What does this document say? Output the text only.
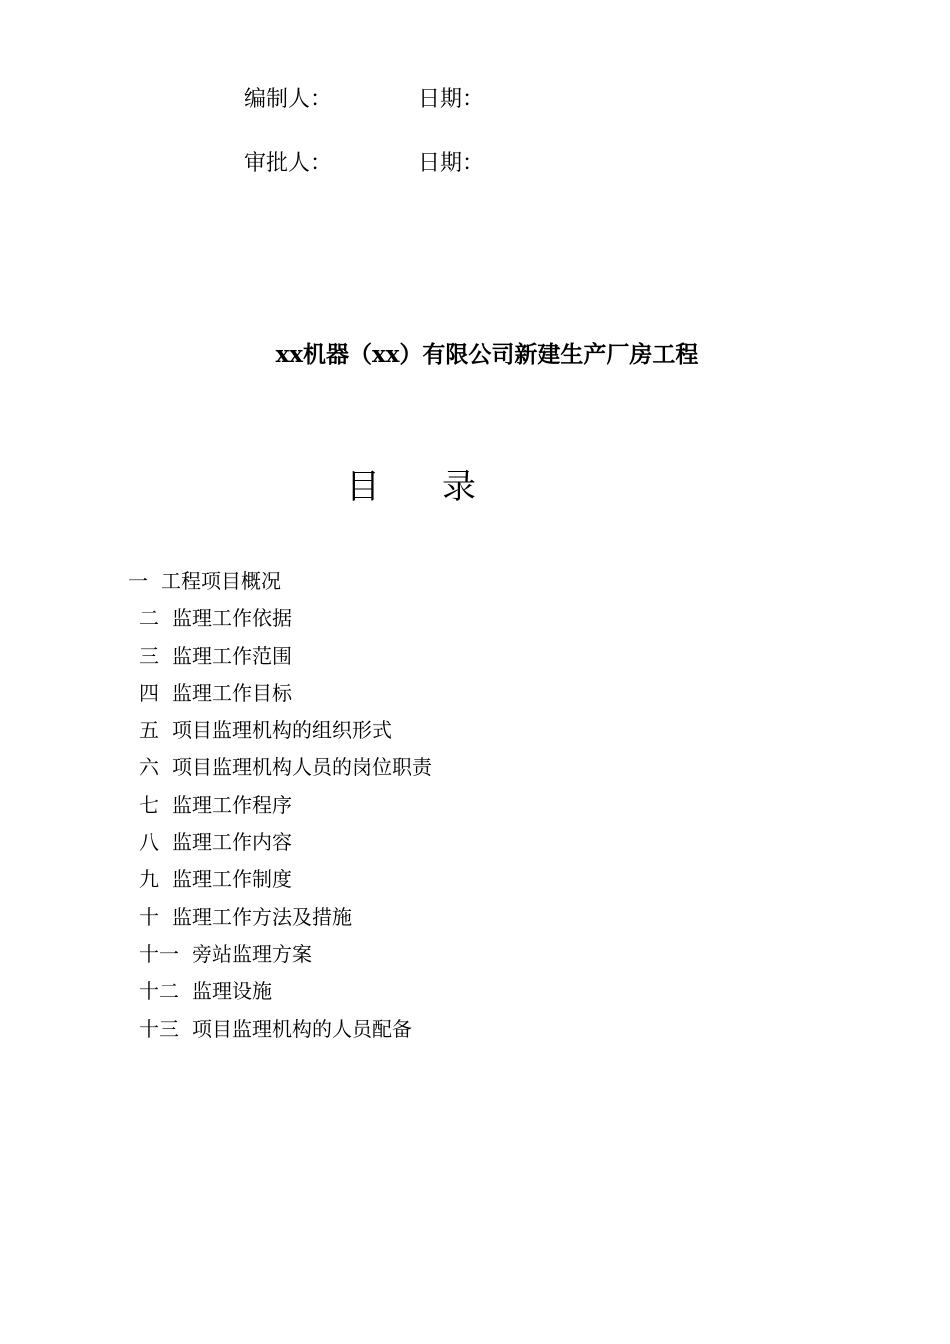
编制人：	日期：
审批人：	日期：
xx机器（xx）有限公司新建生产厂房工程
目录
一 工程项目概况
二 监理工作依据
三 监理工作范围
四 监理工作目标
五 项目监理机构的组织形式
六 项目监理机构人员的岗位职责
七 监理工作程序
八 监理工作内容
九 监理工作制度
十 监理工作方法及措施
十一 旁站监理方案
十二 监理设施
十三 项目监理机构的人员配备
